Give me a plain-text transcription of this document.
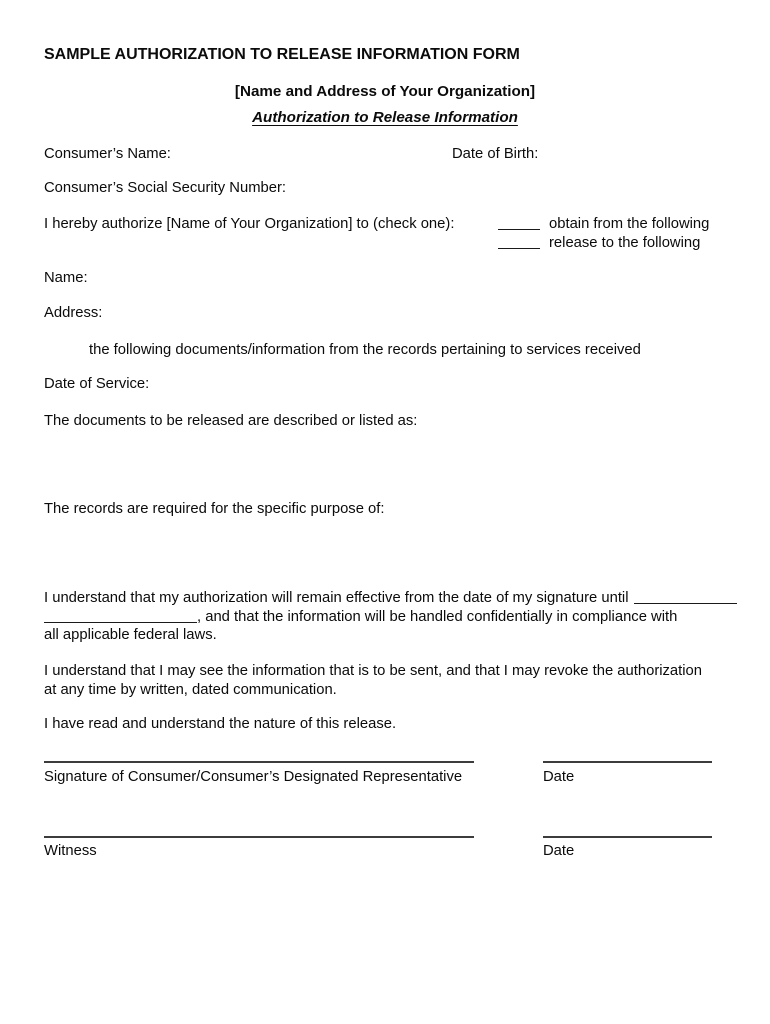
SAMPLE AUTHORIZATION TO RELEASE INFORMATION FORM
[Name and Address of Your Organization]
Authorization to Release Information
Consumer’s Name:	Date of Birth:
Consumer’s Social Security Number:
I hereby authorize [Name of Your Organization] to (check one):	obtain from the following
release to the following
Name:
Address:
the following documents/information from the records pertaining to services received
Date of Service:
The documents to be released are described or listed as:
The records are required for the specific purpose of:
I understand that my authorization will remain effective from the date of my signature until
, and that the information will be handled confidentially in compliance with
all applicable federal laws.
I understand that I may see the information that is to be sent, and that I may revoke the authorization
at any time by written, dated communication.
I have read and understand the nature of this release.
Signature of Consumer/Consumer’s Designated Representative	Date
Witness	Date
